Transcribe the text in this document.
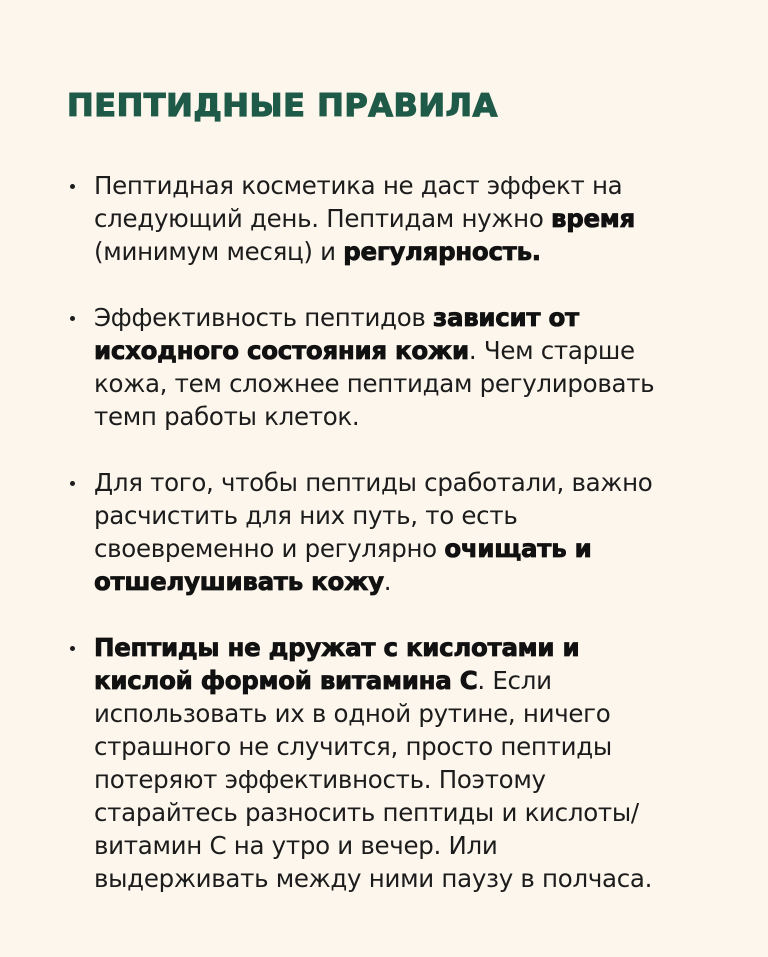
ПЕПТИДНЫЕ ПРАВИЛА
Пептидная косметика не даст эффект на
следующий день. Пептидам нужно время
(минимум месяц) и регулярность.
Эффективность пептидов зависит от
исходного состояния кожи. Чем старше
кожа, тем сложнее пептидам регулировать
темп работы клеток.
Для того, чтобы пептиды сработали, важно
расчистить для них путь, то есть
своевременно и регулярно очищать и
отшелушивать кожу.
Пептиды не дружат с кислотами и
кислой формой витамина С. Если
использовать их в одной рутине, ничего
страшного не случится, просто пептиды
потеряют эффективность. Поэтому
старайтесь разносить пептиды и кислоты/
витамин С на утро и вечер. Или
выдерживать между ними паузу в полчаса.
